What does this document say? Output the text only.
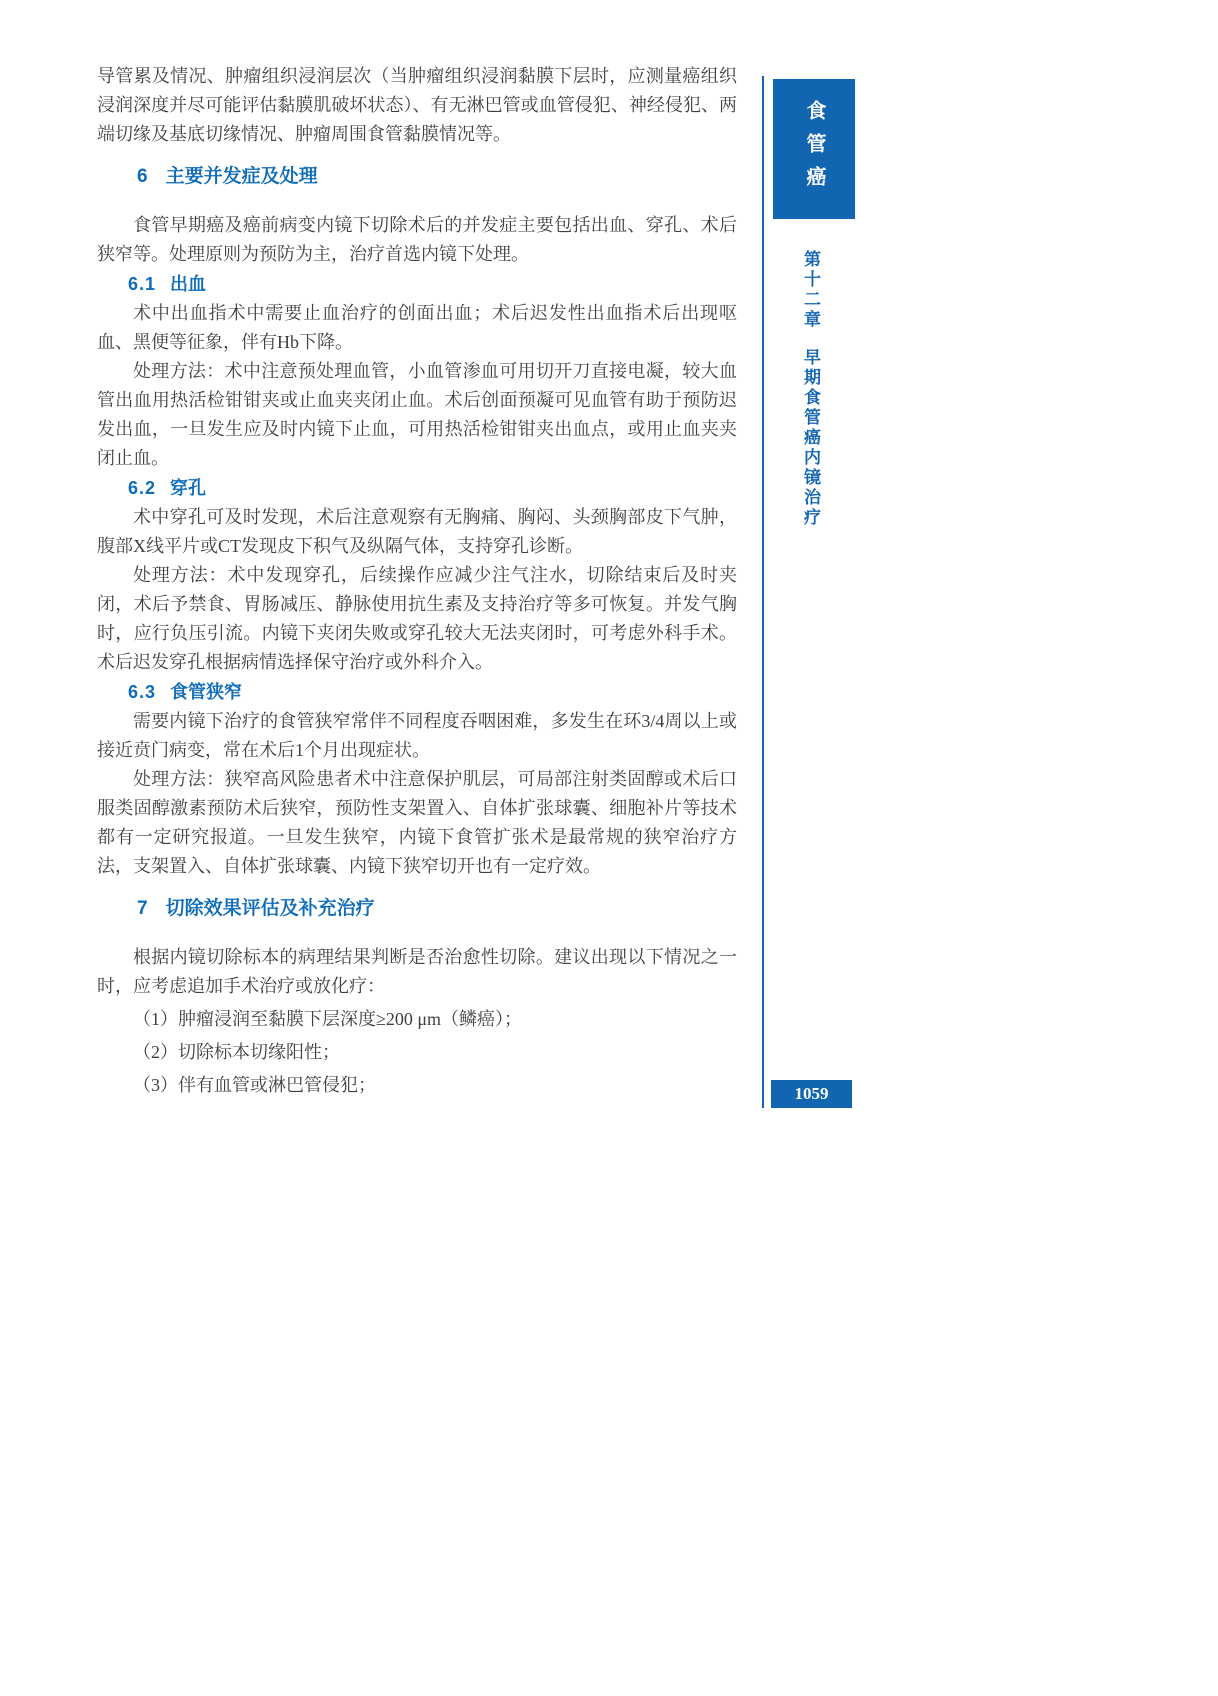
导管累及情况、肿瘤组织浸润层次（当肿瘤组织浸润黏膜下层时，应测量癌组织浸润深度并尽可能评估黏膜肌破坏状态）、有无淋巴管或血管侵犯、神经侵犯、两端切缘及基底切缘情况、肿瘤周围食管黏膜情况等。

6 主要并发症及处理

食管早期癌及癌前病变内镜下切除术后的并发症主要包括出血、穿孔、术后狭窄等。处理原则为预防为主，治疗首选内镜下处理。

6.1 出血

术中出血指术中需要止血治疗的创面出血；术后迟发性出血指术后出现呕血、黑便等征象，伴有Hb下降。

处理方法：术中注意预处理血管，小血管渗血可用切开刀直接电凝，较大血管出血用热活检钳钳夹或止血夹夹闭止血。术后创面预凝可见血管有助于预防迟发出血，一旦发生应及时内镜下止血，可用热活检钳钳夹出血点，或用止血夹夹闭止血。

6.2 穿孔

术中穿孔可及时发现，术后注意观察有无胸痛、胸闷、头颈胸部皮下气肿，腹部X线平片或CT发现皮下积气及纵隔气体，支持穿孔诊断。

处理方法：术中发现穿孔，后续操作应减少注气注水，切除结束后及时夹闭，术后予禁食、胃肠减压、静脉使用抗生素及支持治疗等多可恢复。并发气胸时，应行负压引流。内镜下夹闭失败或穿孔较大无法夹闭时，可考虑外科手术。术后迟发穿孔根据病情选择保守治疗或外科介入。

6.3 食管狭窄

需要内镜下治疗的食管狭窄常伴不同程度吞咽困难，多发生在环3/4周以上或接近贲门病变，常在术后1个月出现症状。

处理方法：狭窄高风险患者术中注意保护肌层，可局部注射类固醇或术后口服类固醇激素预防术后狭窄，预防性支架置入、自体扩张球囊、细胞补片等技术都有一定研究报道。一旦发生狭窄，内镜下食管扩张术是最常规的狭窄治疗方法，支架置入、自体扩张球囊、内镜下狭窄切开也有一定疗效。

7 切除效果评估及补充治疗

根据内镜切除标本的病理结果判断是否治愈性切除。建议出现以下情况之一时，应考虑追加手术治疗或放化疗：

（1）肿瘤浸润至黏膜下层深度≥200 μm（鳞癌）；
（2）切除标本切缘阳性；
（3）伴有血管或淋巴管侵犯；
食管癌
第十二章早期食管癌内镜治疗
1059
